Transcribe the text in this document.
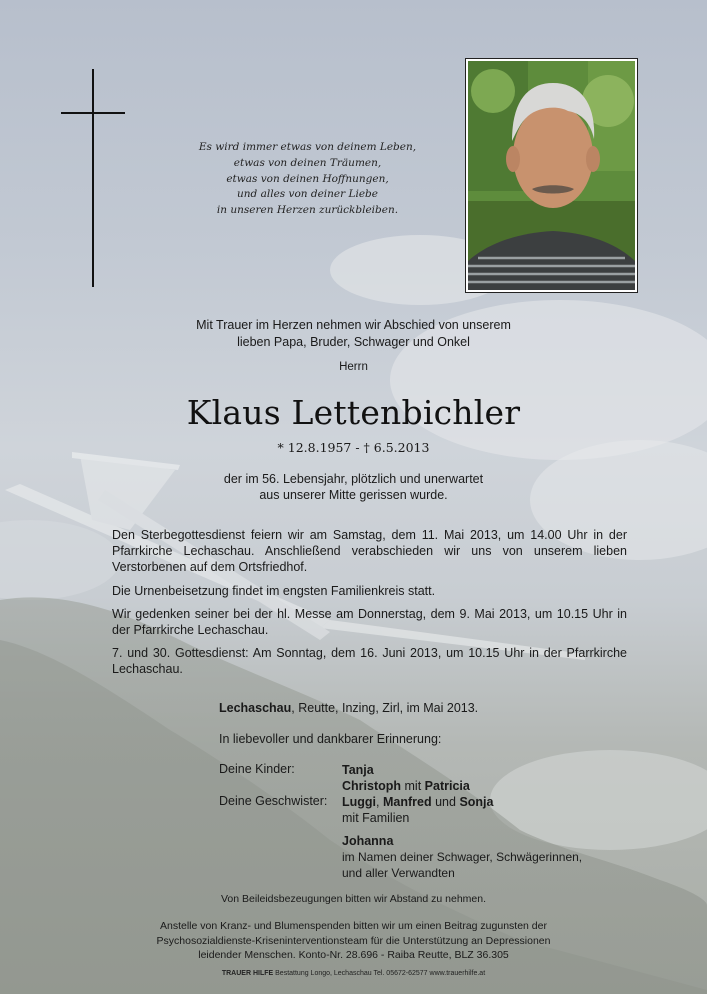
Es wird immer etwas von deinem Leben,
etwas von deinen Träumen,
etwas von deinen Hoffnungen,
und alles von deiner Liebe
in unseren Herzen zurückbleiben.
Mit Trauer im Herzen nehmen wir Abschied von unserem
lieben Papa, Bruder, Schwager und Onkel
Herrn
Klaus Lettenbichler
* 12.8.1957 - † 6.5.2013
der im 56. Lebensjahr, plötzlich und unerwartet
aus unserer Mitte gerissen wurde.
Den Sterbegottesdienst feiern wir am Samstag, dem 11. Mai 2013, um 14.00 Uhr in der Pfarrkirche Lechaschau. Anschließend verabschieden wir uns von unserem lieben Verstorbenen auf dem Ortsfriedhof.
Die Urnenbeisetzung findet im engsten Familienkreis statt.
Wir gedenken seiner bei der hl. Messe am Donnerstag, dem 9. Mai 2013, um 10.15 Uhr in der Pfarrkirche Lechaschau.
7. und 30. Gottesdienst: Am Sonntag, dem 16. Juni 2013, um 10.15 Uhr in der Pfarrkirche Lechaschau.
Lechaschau, Reutte, Inzing, Zirl, im Mai 2013.
In liebevoller und dankbarer Erinnerung:
Deine Kinder:	Tanja
Christoph mit Patricia
Deine Geschwister: Luggi, Manfred und Sonja
mit Familien
Johanna
im Namen deiner Schwager, Schwägerinnen,
und aller Verwandten
Von Beileidsbezeugungen bitten wir Abstand zu nehmen.
Anstelle von Kranz- und Blumenspenden bitten wir um einen Beitrag zugunsten der
Psychosozialdienste-Kriseninterventionsteam für die Unterstützung an Depressionen
leidender Menschen. Konto-Nr. 28.696 - Raiba Reutte, BLZ 36.305
TRAUER HILFE Bestattung Longo, Lechaschau Tel. 05672-62577 www.trauerhilfe.at
